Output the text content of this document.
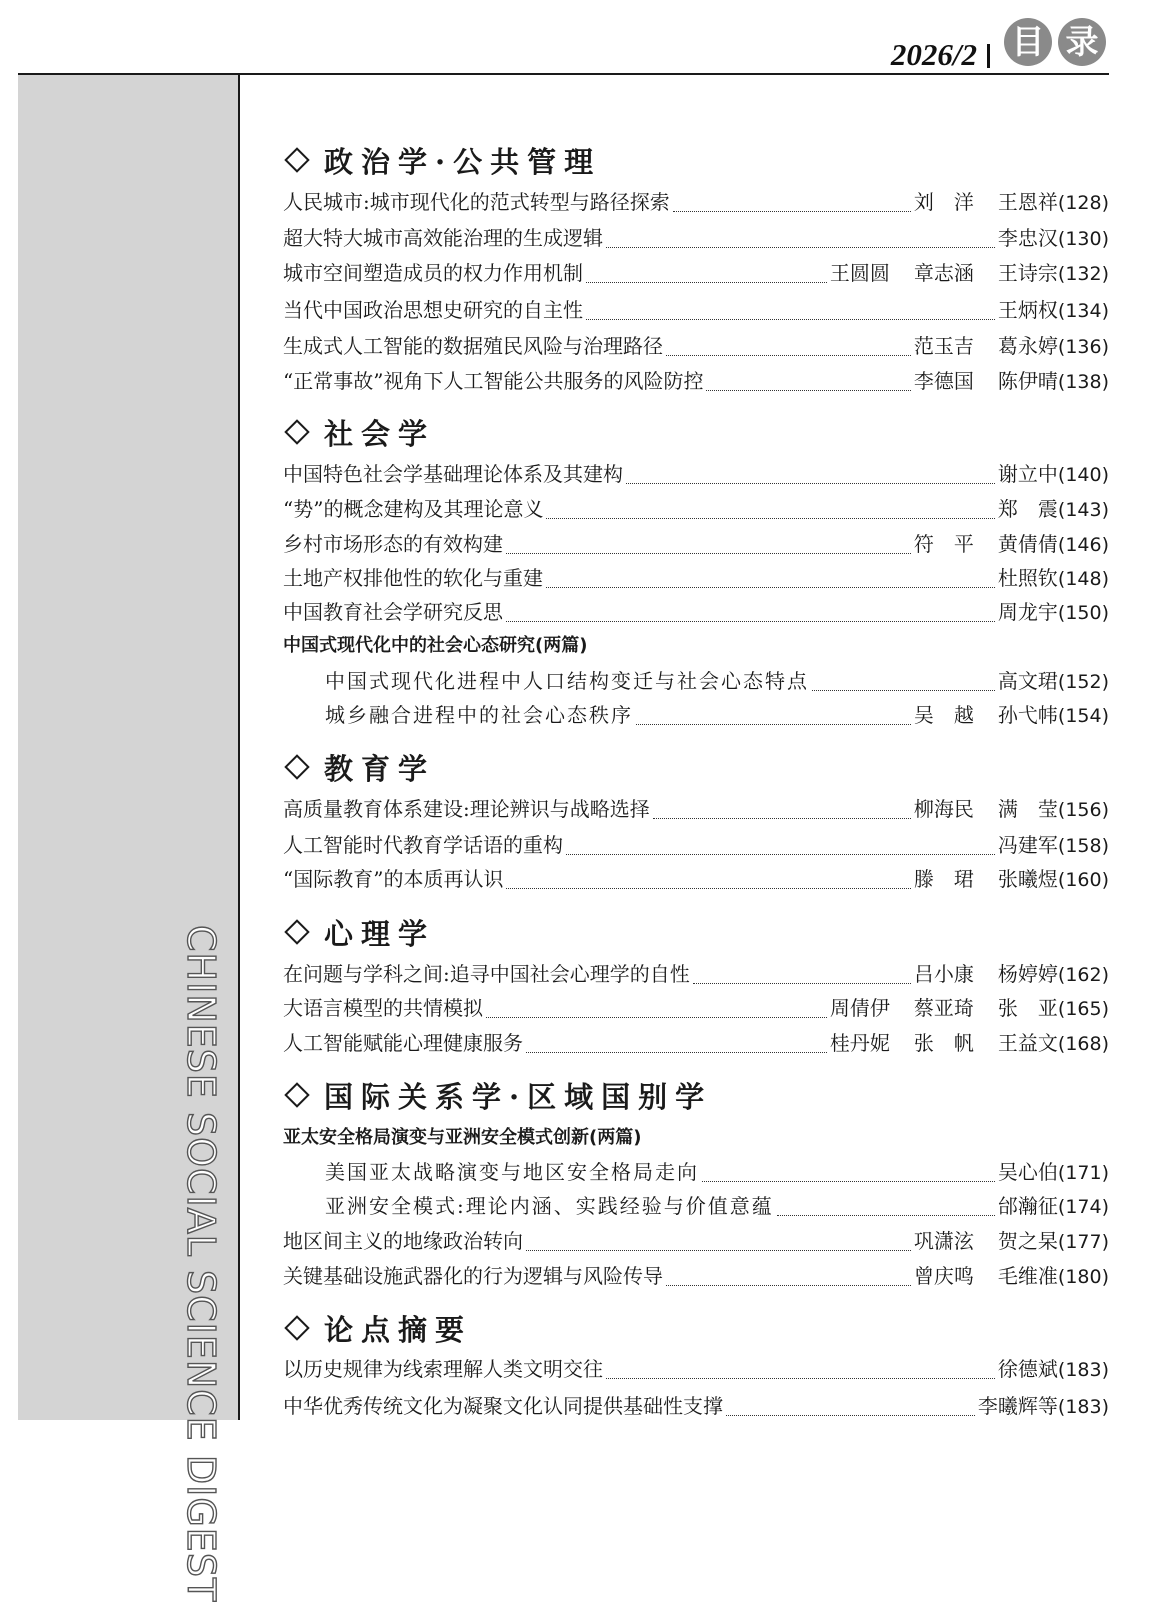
2026/2 目 录
CHINESE SOCIAL SCIENCE DIGEST
政治学·公共管理
人民城市:城市现代化的范式转型与路径探索	刘　洋 王恩祥(128)
超大特大城市高效能治理的生成逻辑	李忠汉(130)
城市空间塑造成员的权力作用机制	王圆圆 章志涵 王诗宗(132)
当代中国政治思想史研究的自主性	王炳权(134)
生成式人工智能的数据殖民风险与治理路径	范玉吉 葛永婷(136)
“正常事故”视角下人工智能公共服务的风险防控	李德国 陈伊晴(138)
社会学
中国特色社会学基础理论体系及其建构	谢立中(140)
“势”的概念建构及其理论意义	郑　震(143)
乡村市场形态的有效构建	符　平 黄倩倩(146)
土地产权排他性的软化与重建	杜照钦(148)
中国教育社会学研究反思	周龙宇(150)
中国式现代化中的社会心态研究(两篇)
中国式现代化进程中人口结构变迁与社会心态特点	高文珺(152)
城乡融合进程中的社会心态秩序	吴　越 孙弋帏(154)
教育学
高质量教育体系建设:理论辨识与战略选择	柳海民 满　莹(156)
人工智能时代教育学话语的重构	冯建军(158)
“国际教育”的本质再认识	滕　珺 张曦煜(160)
心理学
在问题与学科之间:追寻中国社会心理学的自性	吕小康 杨婷婷(162)
大语言模型的共情模拟	周倩伊 蔡亚琦 张　亚(165)
人工智能赋能心理健康服务	桂丹妮 张　帆 王益文(168)
国际关系学·区域国别学
亚太安全格局演变与亚洲安全模式创新(两篇)
美国亚太战略演变与地区安全格局走向	吴心伯(171)
亚洲安全模式:理论内涵、实践经验与价值意蕴	邰瀚征(174)
地区间主义的地缘政治转向	巩潇泫 贺之杲(177)
关键基础设施武器化的行为逻辑与风险传导	曾庆鸣 毛维准(180)
论点摘要
以历史规律为线索理解人类文明交往	徐德斌(183)
中华优秀传统文化为凝聚文化认同提供基础性支撑	李曦辉等(183)
